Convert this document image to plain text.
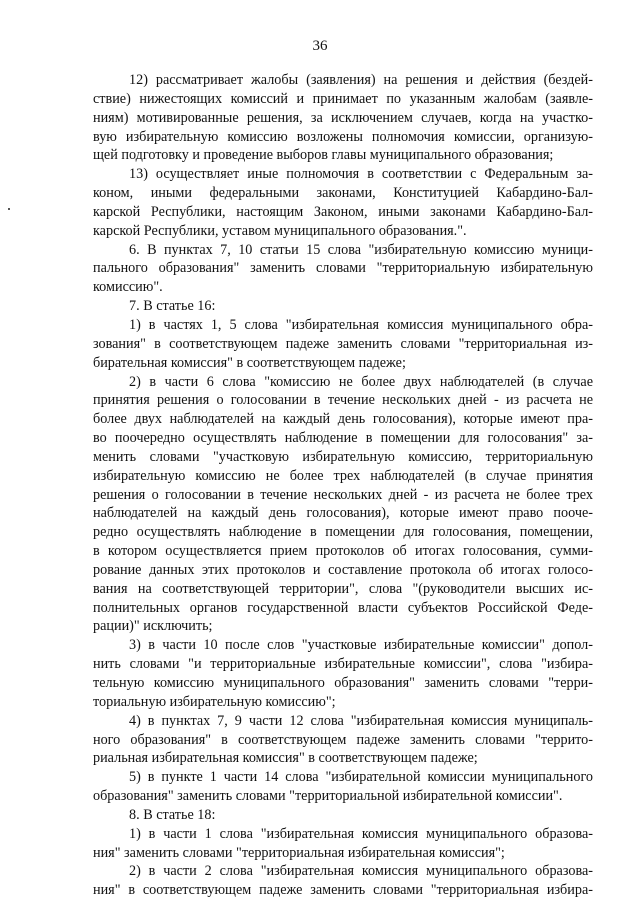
36
12) рассматривает жалобы (заявления) на решения и действия (бездей-
ствие) нижестоящих комиссий и принимает по указанным жалобам (заявле-
ниям) мотивированные решения, за исключением случаев, когда на участко-
вую избирательную комиссию возложены полномочия комиссии, организую-
щей подготовку и проведение выборов главы муниципального образования;
13) осуществляет иные полномочия в соответствии с Федеральным за-
коном, иными федеральными законами, Конституцией Кабардино-Бал-
карской Республики, настоящим Законом, иными законами Кабардино-Бал-
карской Республики, уставом муниципального образования.".
6. В пунктах 7, 10 статьи 15 слова "избирательную комиссию муници-
пального образования" заменить словами "территориальную избирательную
комиссию".
7. В статье 16:
1) в частях 1, 5 слова "избирательная комиссия муниципального обра-
зования" в соответствующем падеже заменить словами "территориальная из-
бирательная комиссия" в соответствующем падеже;
2) в части 6 слова "комиссию не более двух наблюдателей (в случае
принятия решения о голосовании в течение нескольких дней - из расчета не
более двух наблюдателей на каждый день голосования), которые имеют пра-
во поочередно осуществлять наблюдение в помещении для голосования" за-
менить словами "участковую избирательную комиссию, территориальную
избирательную комиссию не более трех наблюдателей (в случае принятия
решения о голосовании в течение нескольких дней - из расчета не более трех
наблюдателей на каждый день голосования), которые имеют право пооче-
редно осуществлять наблюдение в помещении для голосования, помещении,
в котором осуществляется прием протоколов об итогах голосования, сумми-
рование данных этих протоколов и составление протокола об итогах голосо-
вания на соответствующей территории", слова "(руководители высших ис-
полнительных органов государственной власти субъектов Российской Феде-
рации)" исключить;
3) в части 10 после слов "участковые избирательные комиссии" допол-
нить словами "и территориальные избирательные комиссии", слова "избира-
тельную комиссию муниципального образования" заменить словами "терри-
ториальную избирательную комиссию";
4) в пунктах 7, 9 части 12 слова "избирательная комиссия муниципаль-
ного образования" в соответствующем падеже заменить словами "террито-
риальная избирательная комиссия" в соответствующем падеже;
5) в пункте 1 части 14 слова "избирательной комиссии муниципального
образования" заменить словами "территориальной избирательной комиссии".
8. В статье 18:
1) в части 1 слова "избирательная комиссия муниципального образова-
ния" заменить словами "территориальная избирательная комиссия";
2) в части 2 слова "избирательная комиссия муниципального образова-
ния" в соответствующем падеже заменить словами "территориальная избира-
